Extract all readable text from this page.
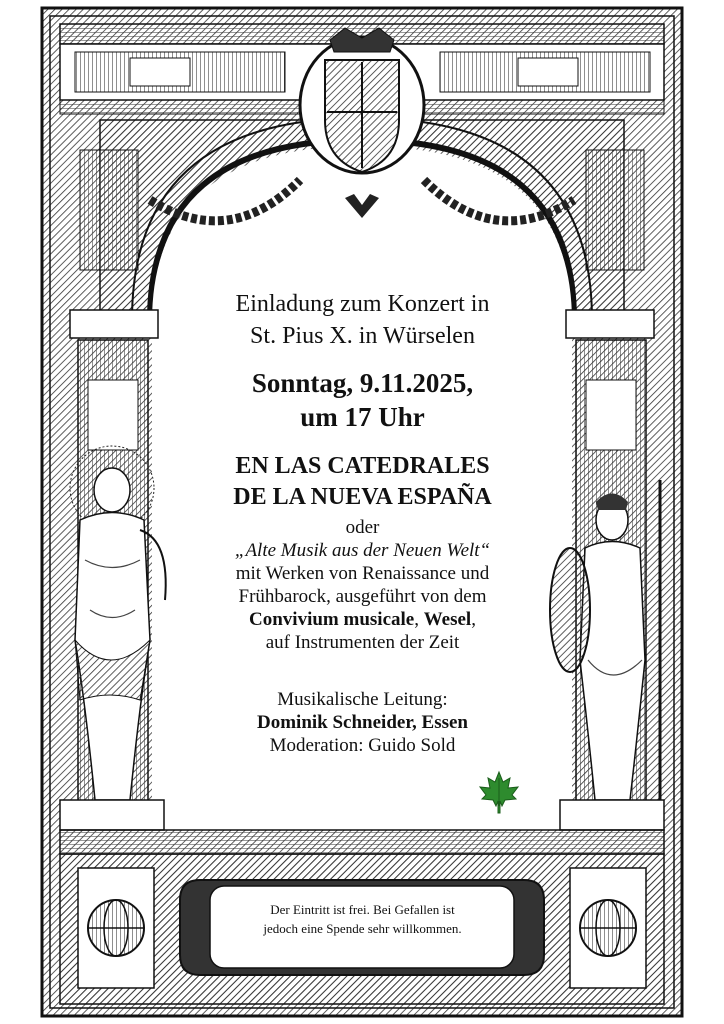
Einladung zum Konzert in
St. Pius X. in Würselen
Sonntag, 9.11.2025,
um 17 Uhr
EN LAS CATEDRALES
DE LA NUEVA ESPAÑA
oder
„Alte Musik aus der Neuen Welt“
mit Werken von Renaissance und
Frühbarock, ausgeführt von dem
Convivium musicale, Wesel,
auf Instrumenten der Zeit
Musikalische Leitung:
Dominik Schneider, Essen
Moderation: Guido Sold
Der Eintritt ist frei. Bei Gefallen ist
jedoch eine Spende sehr willkommen.
